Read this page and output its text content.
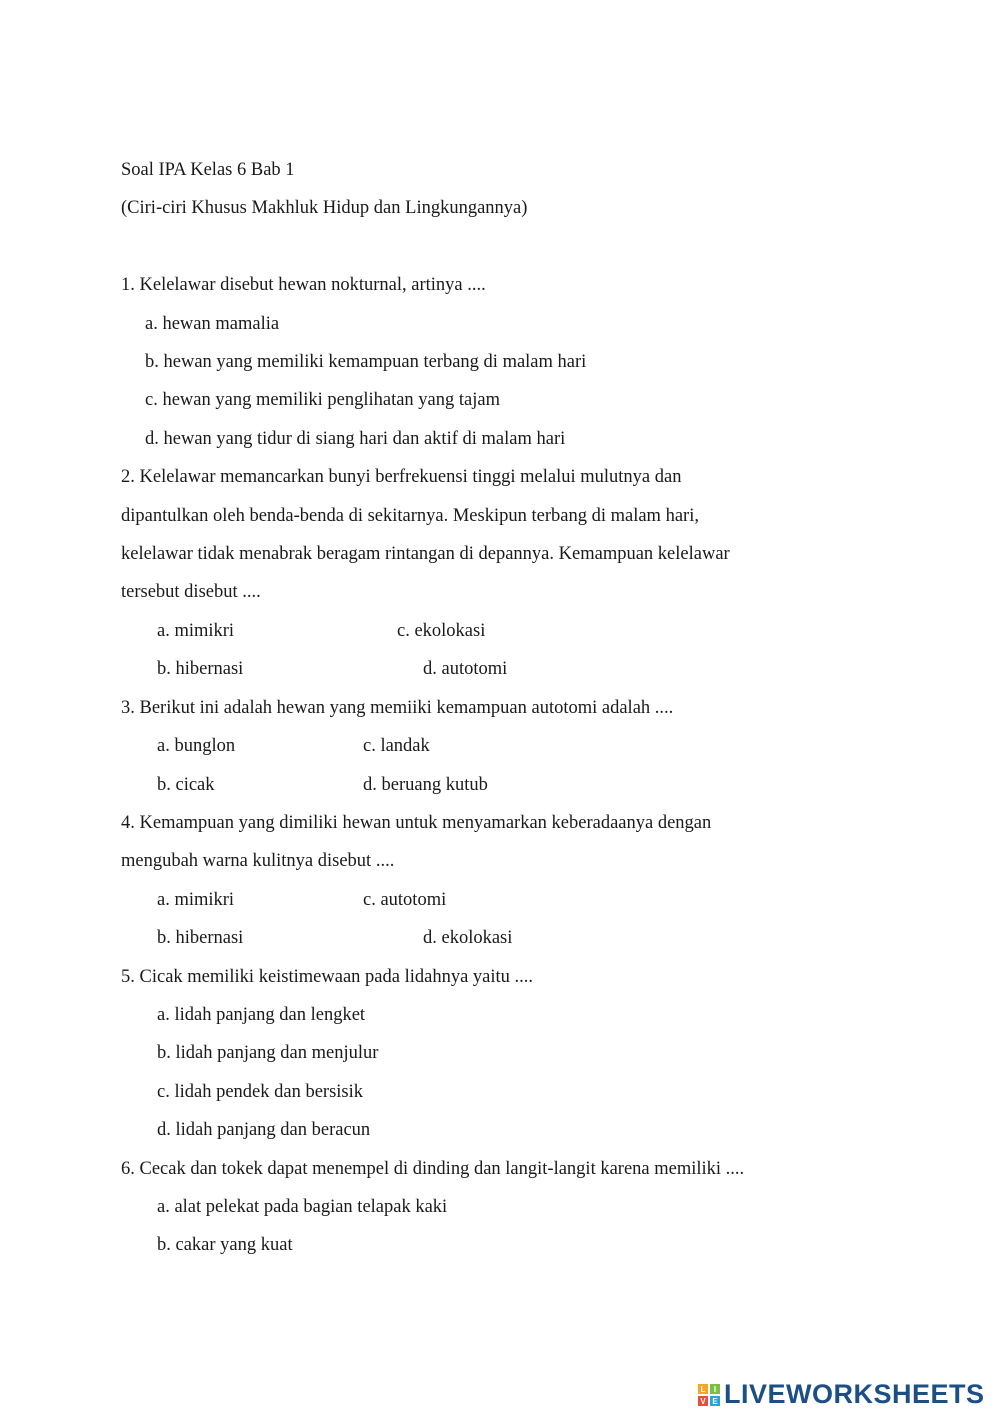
Soal IPA Kelas 6 Bab 1
(Ciri-ciri Khusus Makhluk Hidup dan Lingkungannya)
1. Kelelawar disebut hewan nokturnal, artinya ....
a. hewan mamalia
b. hewan yang memiliki kemampuan terbang di malam hari
c. hewan yang memiliki penglihatan yang tajam
d. hewan yang tidur di siang hari dan aktif di malam hari
2. Kelelawar memancarkan bunyi berfrekuensi tinggi melalui mulutnya dan
dipantulkan oleh benda-benda di sekitarnya. Meskipun terbang di malam hari,
kelelawar tidak menabrak beragam rintangan di depannya. Kemampuan kelelawar
tersebut disebut ....
a. mimikri	c. ekolokasi
b. hibernasi	d. autotomi
3. Berikut ini adalah hewan yang memiiki kemampuan autotomi adalah ....
a. bunglon	c. landak
b. cicak	d. beruang kutub
4. Kemampuan yang dimiliki hewan untuk menyamarkan keberadaanya dengan
mengubah warna kulitnya disebut ....
a. mimikri	c. autotomi
b. hibernasi	d. ekolokasi
5. Cicak memiliki keistimewaan pada lidahnya yaitu ....
a. lidah panjang dan lengket
b. lidah panjang dan menjulur
c. lidah pendek dan bersisik
d. lidah panjang dan beracun
6. Cecak dan tokek dapat menempel di dinding dan langit-langit karena memiliki ....
a. alat pelekat pada bagian telapak kaki
b. cakar yang kuat
L	I
V E LIVEWORKSHEETS
